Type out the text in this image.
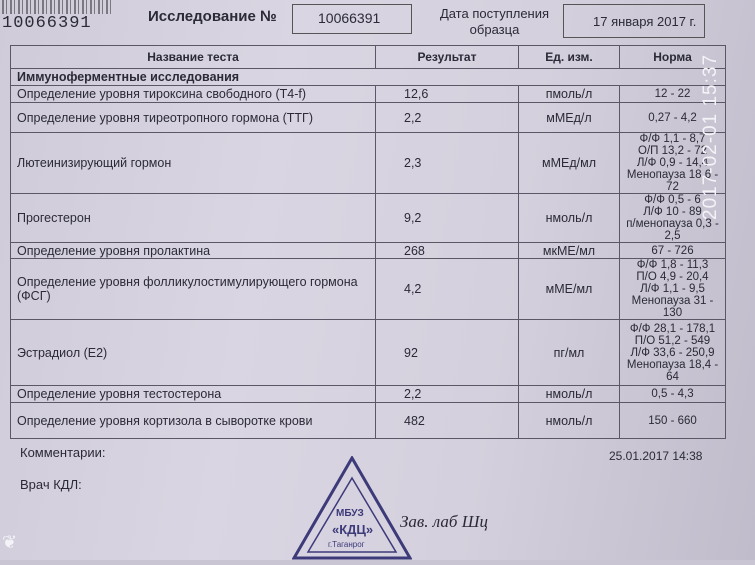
10066391	Исследование №	10066391	Дата поступления образца
17 января 2017 г.
Название теста	Результат	Ед. изм.	Норма
Иммуноферментные исследования			
Определение уровня тироксина свободного (Т4-f)	12,6	пмоль/л	12 - 22

Определение уровня тиреотропного гормона (ТТГ)	2,2	мМЕд/л	0,27 - 4,2

Лютеинизирующий гормон	2,3	мМЕд/мл	Ф/Ф 1,1 - 8,7
О/П 13,2 - 72
Л/Ф 0,9 - 14,4
Менопауза 18,6 - 72

Прогестерон	9,2	нмоль/л	Ф/Ф 0,5 - 6
Л/Ф 10 - 89
п/менопауза 0,3 - 2,5

Определение уровня пролактина	268	мкМЕ/мл	67 - 726

Определение уровня фолликулостимулирующего гормона (ФСГ)	4,2	мМЕ/мл	Ф/Ф 1,8 - 11,3
П/О 4,9 - 20,4
Л/Ф 1,1 - 9,5
Менопауза 31 - 130

Эстрадиол (Е2)	92	пг/мл	Ф/Ф 28,1 - 178,1
П/О 51,2 - 549
Л/Ф 33,6 - 250,9
Менопауза 18,4 - 64

Определение уровня тестостерона	2,2	нмоль/л	0,5 - 4,3

Определение уровня кортизола в сыворотке крови	482	нмоль/л	150 - 660
Комментарии:	25.01.2017 14:38
Врач КДЛ:
МБУЗ
«КДЦ»
г.Таганрог
Зав. лаб Шц
❦
2017-02-01 15:37
